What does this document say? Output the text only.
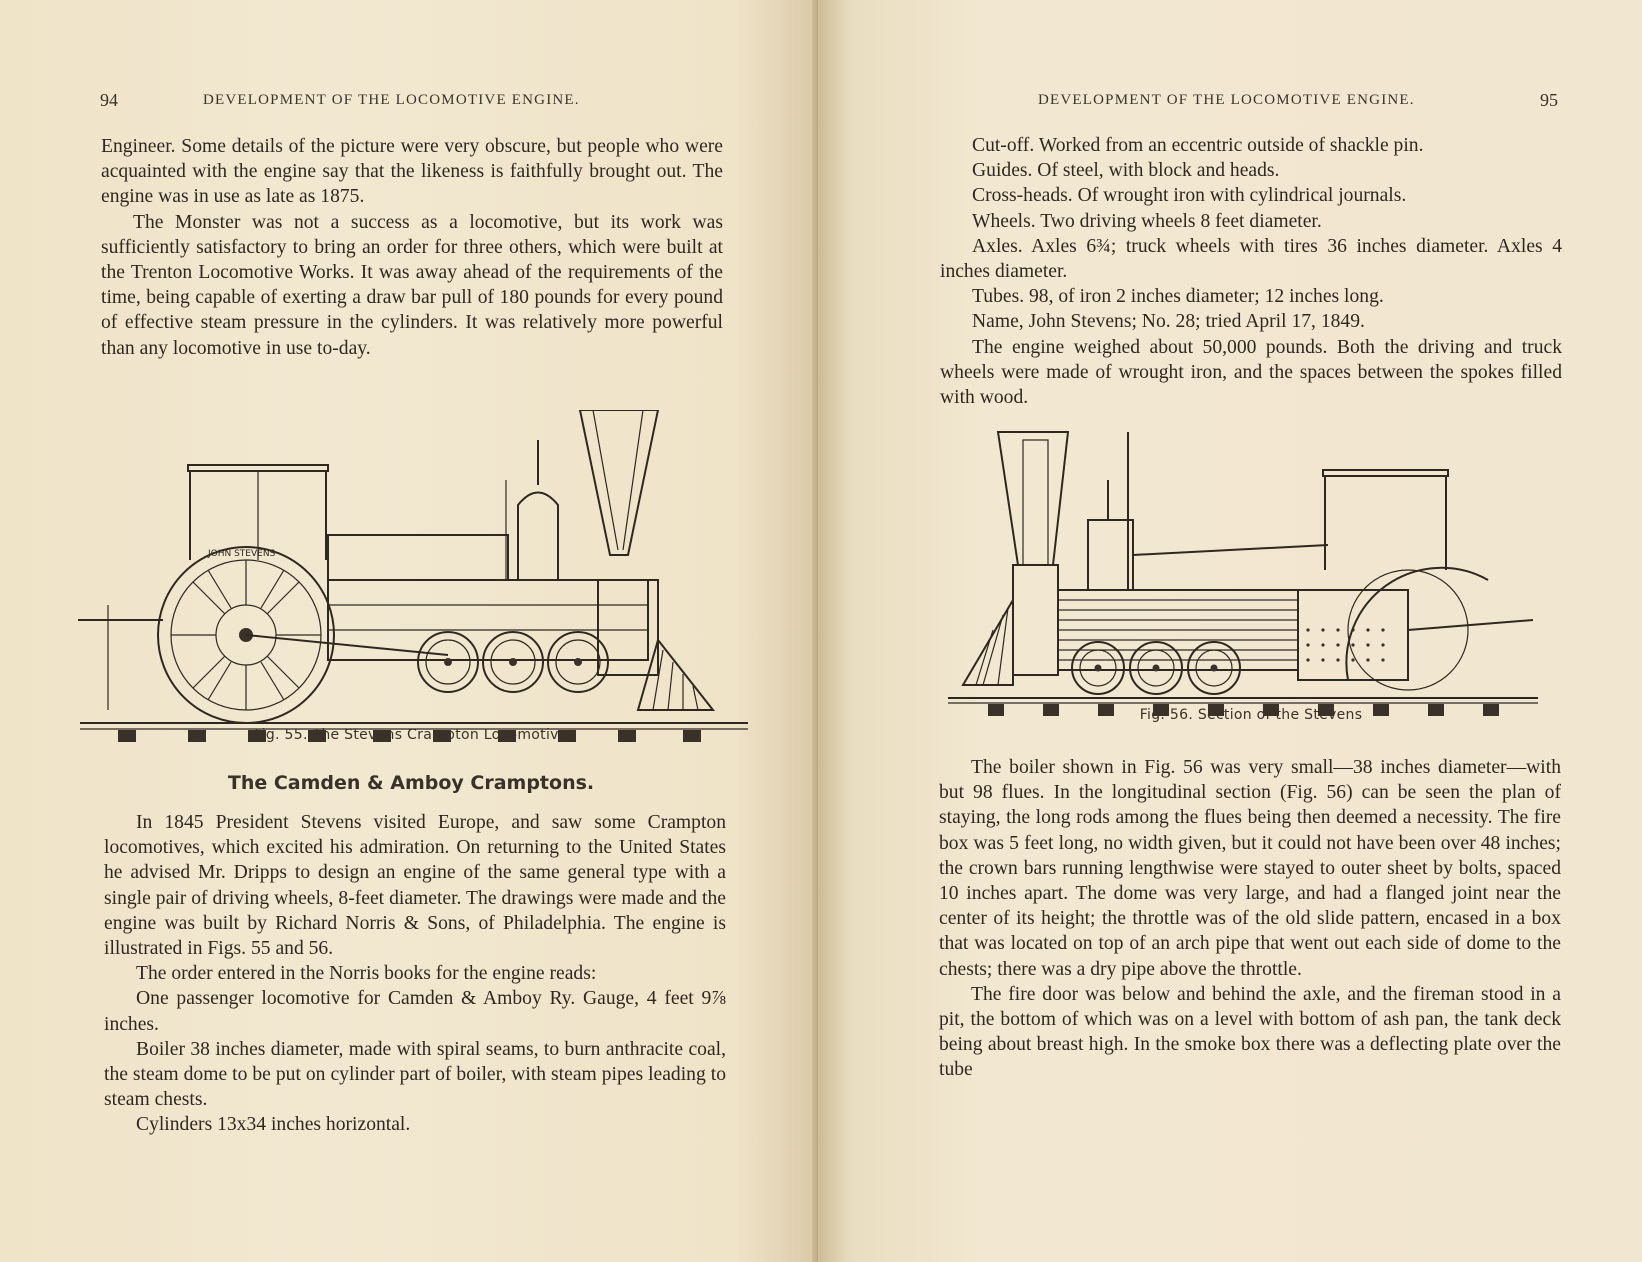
94	DEVELOPMENT OF THE LOCOMOTIVE ENGINE.

Engineer. Some details of the picture were very obscure, but people who were acquainted with the engine say that the likeness is faithfully brought out. The engine was in use as late as 1875.

The Monster was not a success as a locomotive, but its work was sufficiently satisfactory to bring an order for three others, which were built at the Trenton Locomotive Works. It was away ahead of the requirements of the time, being capable of exerting a draw bar pull of 180 pounds for every pound of effective steam pressure in the cylinders. It was relatively more powerful than any locomotive in use to-day.

JOHN STEVENS
Fig. 55. The Stevens Crampton Locomotive
The Camden & Amboy Cramptons.

In 1845 President Stevens visited Europe, and saw some Crampton locomotives, which excited his admiration. On returning to the United States he advised Mr. Dripps to design an engine of the same general type with a single pair of driving wheels, 8-feet diameter. The drawings were made and the engine was built by Richard Norris & Sons, of Philadelphia. The engine is illustrated in Figs. 55 and 56.

The order entered in the Norris books for the engine reads:

One passenger locomotive for Camden & Amboy Ry. Gauge, 4 feet 9⅞ inches.

Boiler 38 inches diameter, made with spiral seams, to burn anthracite coal, the steam dome to be put on cylinder part of boiler, with steam pipes leading to steam chests.

Cylinders 13x34 inches horizontal.

DEVELOPMENT OF THE LOCOMOTIVE ENGINE.	95

Cut-off. Worked from an eccentric outside of shackle pin.

Guides. Of steel, with block and heads.

Cross-heads. Of wrought iron with cylindrical journals.

Wheels. Two driving wheels 8 feet diameter.

Axles. Axles 6¾; truck wheels with tires 36 inches diameter. Axles 4 inches diameter.

Tubes. 98, of iron 2 inches diameter; 12 inches long.

Name, John Stevens; No. 28; tried April 17, 1849.

The engine weighed about 50,000 pounds. Both the driving and truck wheels were made of wrought iron, and the spaces between the spokes filled with wood.

Fig. 56. Section of the Stevens

The boiler shown in Fig. 56 was very small—38 inches diameter—with but 98 flues. In the longitudinal section (Fig. 56) can be seen the plan of staying, the long rods among the flues being then deemed a necessity. The fire box was 5 feet long, no width given, but it could not have been over 48 inches; the crown bars running lengthwise were stayed to outer sheet by bolts, spaced 10 inches apart. The dome was very large, and had a flanged joint near the center of its height; the throttle was of the old slide pattern, encased in a box that was located on top of an arch pipe that went out each side of dome to the chests; there was a dry pipe above the throttle.

The fire door was below and behind the axle, and the fireman stood in a pit, the bottom of which was on a level with bottom of ash pan, the tank deck being about breast high. In the smoke box there was a deflecting plate over the tube
